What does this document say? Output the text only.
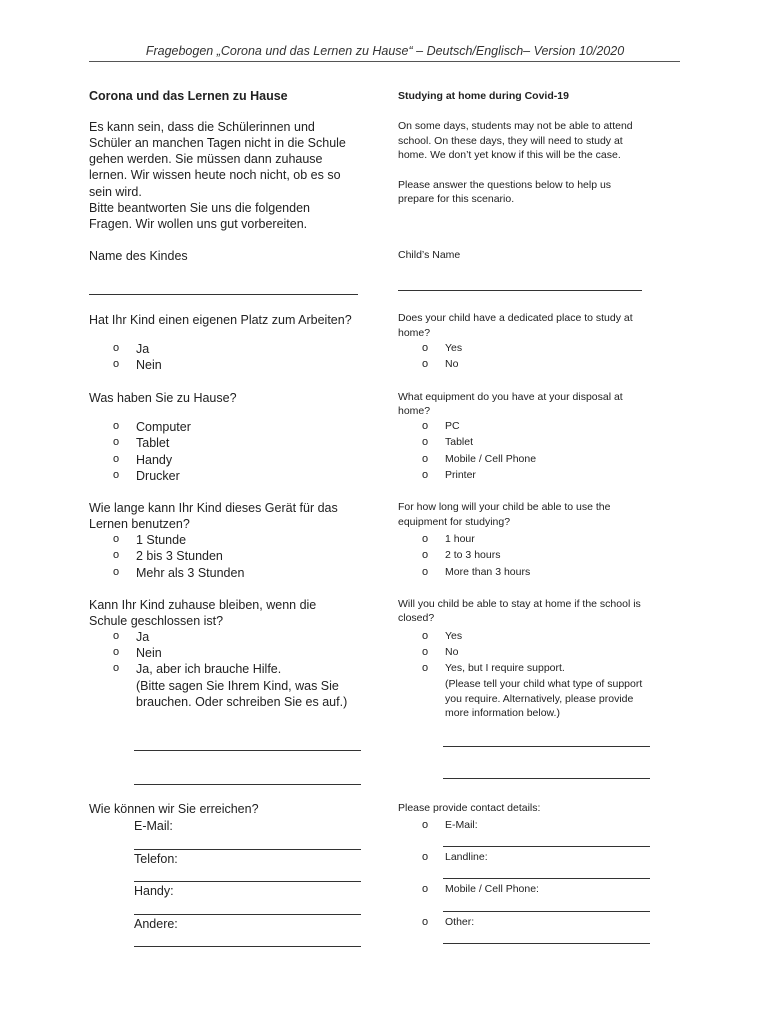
Fragebogen „Corona und das Lernen zu Hause“ – Deutsch/Englisch– Version 10/2020
Corona und das Lernen zu Hause
Es kann sein, dass die Schülerinnen und
Schüler an manchen Tagen nicht in die Schule
gehen werden. Sie müssen dann zuhause
lernen. Wir wissen heute noch nicht, ob es so
sein wird.
Bitte beantworten Sie uns die folgenden
Fragen. Wir wollen uns gut vorbereiten.
Name des Kindes
Hat Ihr Kind einen eigenen Platz zum Arbeiten?
o Ja
o Nein
Was haben Sie zu Hause?
o Computer
o Tablet
o Handy
o Drucker
Wie lange kann Ihr Kind dieses Gerät für das
Lernen benutzen?
o 1 Stunde
o 2 bis 3 Stunden
o Mehr als 3 Stunden
Kann Ihr Kind zuhause bleiben, wenn die
Schule geschlossen ist?
o Ja
o Nein
o Ja, aber ich brauche Hilfe.
(Bitte sagen Sie Ihrem Kind, was Sie
brauchen. Oder schreiben Sie es auf.)
Wie können wir Sie erreichen?
E-Mail:
Telefon:
Handy:
Andere:
Studying at home during Covid-19
On some days, students may not be able to attend
school. On these days, they will need to study at
home. We don’t yet know if this will be the case.
Please answer the questions below to help us
prepare for this scenario.
Child’s Name
Does your child have a dedicated place to study at
home?
o Yes
o No
What equipment do you have at your disposal at
home?
o PC
o Tablet
o Mobile / Cell Phone
o Printer
For how long will your child be able to use the
equipment for studying?
o 1 hour
o 2 to 3 hours
o More than 3 hours
Will you child be able to stay at home if the school is
closed?
o Yes
o No
o Yes, but I require support.
(Please tell your child what type of support
you require. Alternatively, please provide
more information below.)
Please provide contact details:
o E-Mail:
o Landline:
o Mobile / Cell Phone:
o Other:
